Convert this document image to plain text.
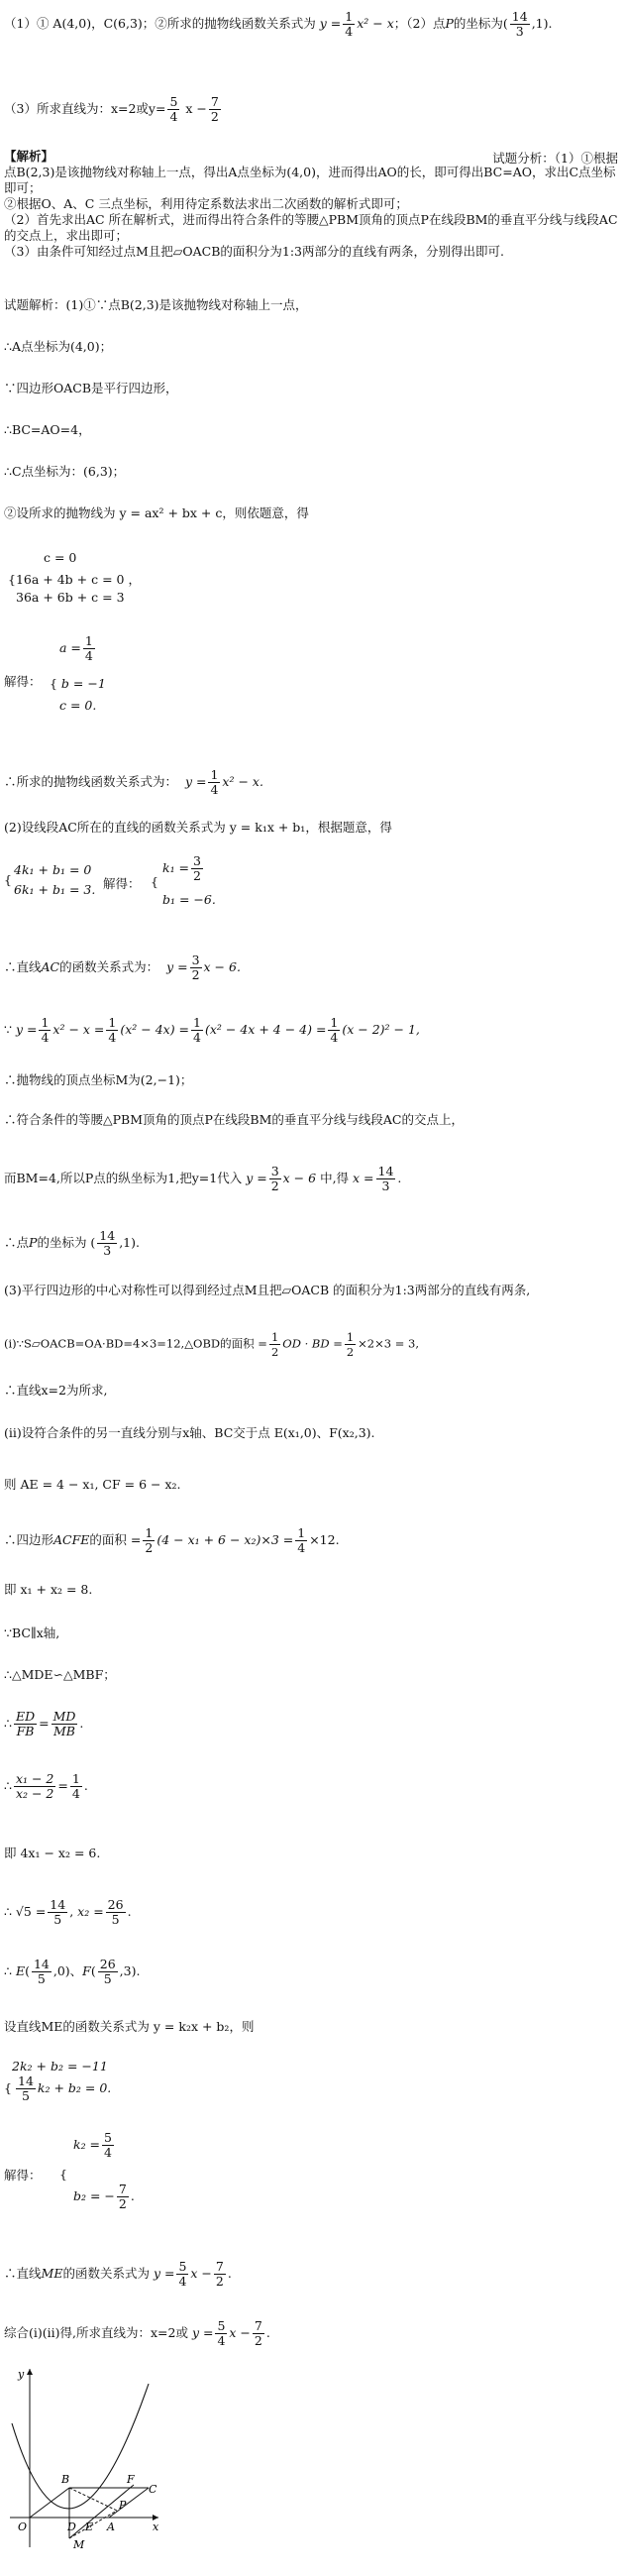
（1）① A(4,0)，C(6,3)；②所求的抛物线函数关系式为 $y = \frac{1}{4} x^2 - x$；（2）点P的坐标为( $\frac{14}{3} ,1$).
（3）所求直线为：x=2或$y= \frac{5}{4}$ $x - \frac{7}{2}$
【解析】	试题分析：（1）①根据
点B(2,3)是该抛物线对称轴上一点，得出A点坐标为(4,0)，进而得出AO的长，即可得出BC=AO，求出C点坐标即可；
②根据O、A、C 三点坐标，利用待定系数法求出二次函数的解析式即可；
（2）首先求出AC 所在解析式，进而得出符合条件的等腰△PBM顶角的顶点P在线段BM的垂直平分线与线段AC的交点上，求出即可；
（3）由条件可知经过点M且把▱OACB的面积分为1:3两部分的直线有两条，分别得出即可.
试题解析：(1)①∵点B(2,3)是该抛物线对称轴上一点，
∴A点坐标为(4,0)；
∵四边形OACB是平行四边形，
∴BC=AO=4，
∴C点坐标为：(6,3)；
②设所求的抛物线为 y = ax² + bx + c，则依题意，得
c = 0
{16a + 4b + c = 0 ，
36a + 6b + c = 3
解得：
$a = \frac{1}{4}$
{ b = −1
c = 0.
∴所求的抛物线函数关系式为：  $y = \frac{1}{4} x^2 - x$.
(2)设线段AC所在的直线的函数关系式为 y = k₁x + b₁，根据题意，得
4k₁ + b₁ = 0
{
6k₁ + b₁ = 3. 解得： {
$k_1 = \frac{3}{2}$
b₁ = −6.
∴直线AC的函数关系式为：  $y = \frac{3}{2}$ x − 6.
∵ $y = \frac{1}{4} x^2 - x = \frac{1}{4} (x^2 - 4x) = \frac{1}{4} (x^2 - 4x + 4 - 4) = \frac{1}{4} (x - 2)^2 - 1$,
∴抛物线的顶点坐标M为(2,−1)；
∴符合条件的等腰△PBM顶角的顶点P在线段BM的垂直平分线与线段AC的交点上，
而BM=4,所以P点的纵坐标为1,把y=1代入 $y = \frac{3}{2}$ x − 6 中,得 $x = \frac{14}{3}$ .
∴点P的坐标为 ( $\frac{14}{3} ,1$).
(3)平行四边形的中心对称性可以得到经过点M且把▱OACB 的面积分为1:3两部分的直线有两条,
(ⅰ)∵S▱OACB=OA·BD=4×3=12,△OBD的面积 = $\frac{1}{2}$ OD · BD = $\frac{1}{2} \times 2\times 3 = 3$,
∴直线x=2为所求,
(ⅱ)设符合条件的另一直线分别与x轴、BC交于点 E(x₁,0)、F(x₂,3).
则 AE = 4 − x₁, CF = 6 − x₂.
∴四边形ACFE的面积 = $\frac{1}{2} (4 - x_1 + 6 - x_2)\times 3 = \frac{1}{4} \times 12$.
即 x₁ + x₂ = 8.
∵BC∥x轴,
∴△MDE∽△MBF；
∴ $\frac{ED}{FB} = \frac{MD}{MB}$ .
∴ $\frac{\text{x₁ − 2}}{\text{x₂ − 2}} = \frac{1}{4}$ .
即 4x₁ − x₂ = 6.
∴ $√5 = \frac{14}{5}$ , $x_2 = \frac{26}{5}$ .
∴ $E( \frac{14}{5} ,0)$、$F( \frac{26}{5} ,3)$.
设直线ME的函数关系式为 y = k₂x + b₂，则
2k₂ + b₂ = −11
{ $\frac{14}{5} k_2 + b_2 = 0$.
解得：
$k_2 = \frac{5}{4}$
{
b₂ = − $\frac{7}{2}$ .
∴直线ME的函数关系式为 $y = \frac{5}{4}$ $x - \frac{7}{2}$ .
综合(ⅰ)(ⅱ)得,所求直线为：x=2或 $y = \frac{5}{4}$ $x - \frac{7}{2}$ .
y
B	F
C
P
O	D E A
M
x
